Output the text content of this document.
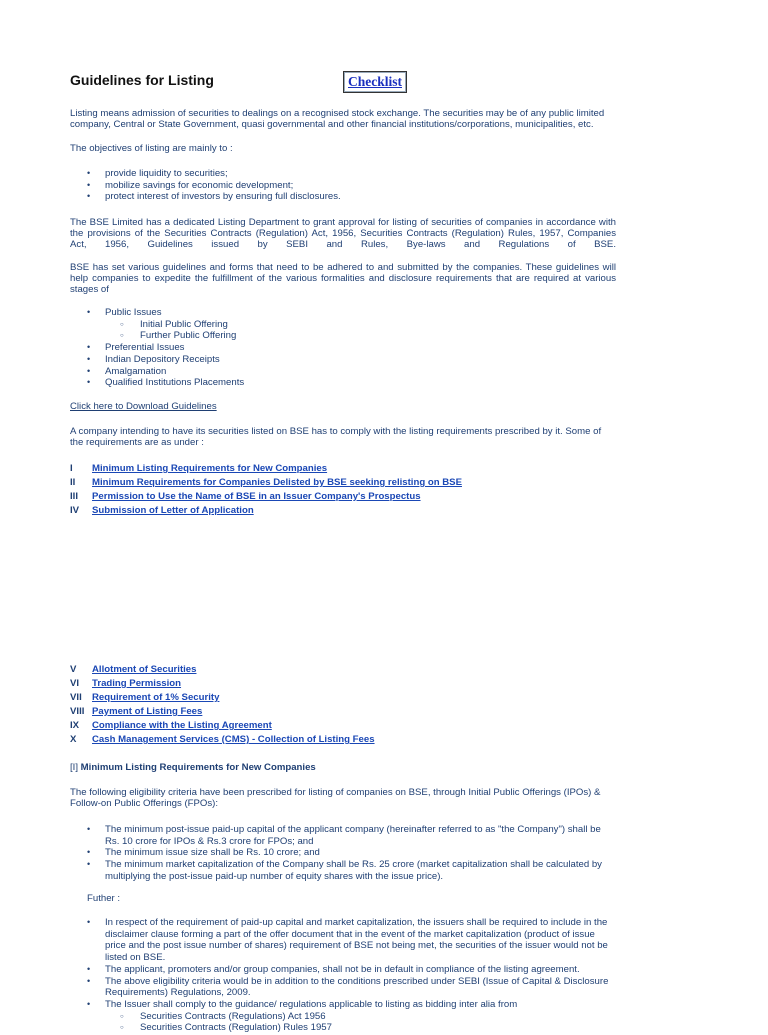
Guidelines for Listing	Checklist

Listing means admission of securities to dealings on a recognised stock exchange. The securities may be of any public limited company, Central or State Government, quasi governmental and other financial institutions/corporations, municipalities, etc.

The objectives of listing are mainly to :

• provide liquidity to securities;
• mobilize savings for economic development;
• protect interest of investors by ensuring full disclosures.

The BSE Limited has a dedicated Listing Department to grant approval for listing of securities of companies in accordance with

the provisions of the Securities Contracts (Regulation) Act, 1956, Securities Contracts (Regulation) Rules, 1957, Companies

Act, 1956, Guidelines issued by SEBI and Rules, Bye-laws and Regulations of BSE.

BSE has set various guidelines and forms that need to be adhered to and submitted by the companies. These guidelines will

help companies to expedite the fulfillment of the various formalities and disclosure requirements that are required at various

stages of

• Public Issues
○ Initial Public Offering
○ Further Public Offering
• Preferential Issues
• Indian Depository Receipts
• Amalgamation
• Qualified Institutions Placements

Click here to Download Guidelines

A company intending to have its securities listed on BSE has to comply with the listing requirements prescribed by it. Some of

the requirements are as under :

I Minimum Listing Requirements for New Companies
II Minimum Requirements for Companies Delisted by BSE seeking relisting on BSE
III Permission to Use the Name of BSE in an Issuer Company's Prospectus
IV Submission of Letter of Application
V Allotment of Securities
VI Trading Permission
VII Requirement of 1% Security
VIII Payment of Listing Fees
IX Compliance with the Listing Agreement
X Cash Management Services (CMS) - Collection of Listing Fees
[I] Minimum Listing Requirements for New Companies

The following eligibility criteria have been prescribed for listing of companies on BSE, through Initial Public Offerings (IPOs) &

Follow-on Public Offerings (FPOs):

• The minimum post-issue paid-up capital of the applicant company (hereinafter referred to as "the Company") shall be
Rs. 10 crore for IPOs & Rs.3 crore for FPOs; and
• The minimum issue size shall be Rs. 10 crore; and
• The minimum market capitalization of the Company shall be Rs. 25 crore (market capitalization shall be calculated by
multiplying the post-issue paid-up number of equity shares with the issue price).

Futher :

• In respect of the requirement of paid-up capital and market capitalization, the issuers shall be required to include in the
disclaimer clause forming a part of the offer document that in the event of the market capitalization (product of issue
price and the post issue number of shares) requirement of BSE not being met, the securities of the issuer would not be
listed on BSE.
• The applicant, promoters and/or group companies, shall not be in default in compliance of the listing agreement.
• The above eligibility criteria would be in addition to the conditions prescribed under SEBI (Issue of Capital & Disclosure
Requirements) Regulations, 2009.
• The Issuer shall comply to the guidance/ regulations applicable to listing as bidding inter alia from
○ Securities Contracts (Regulations) Act 1956
○ Securities Contracts (Regulation) Rules 1957
